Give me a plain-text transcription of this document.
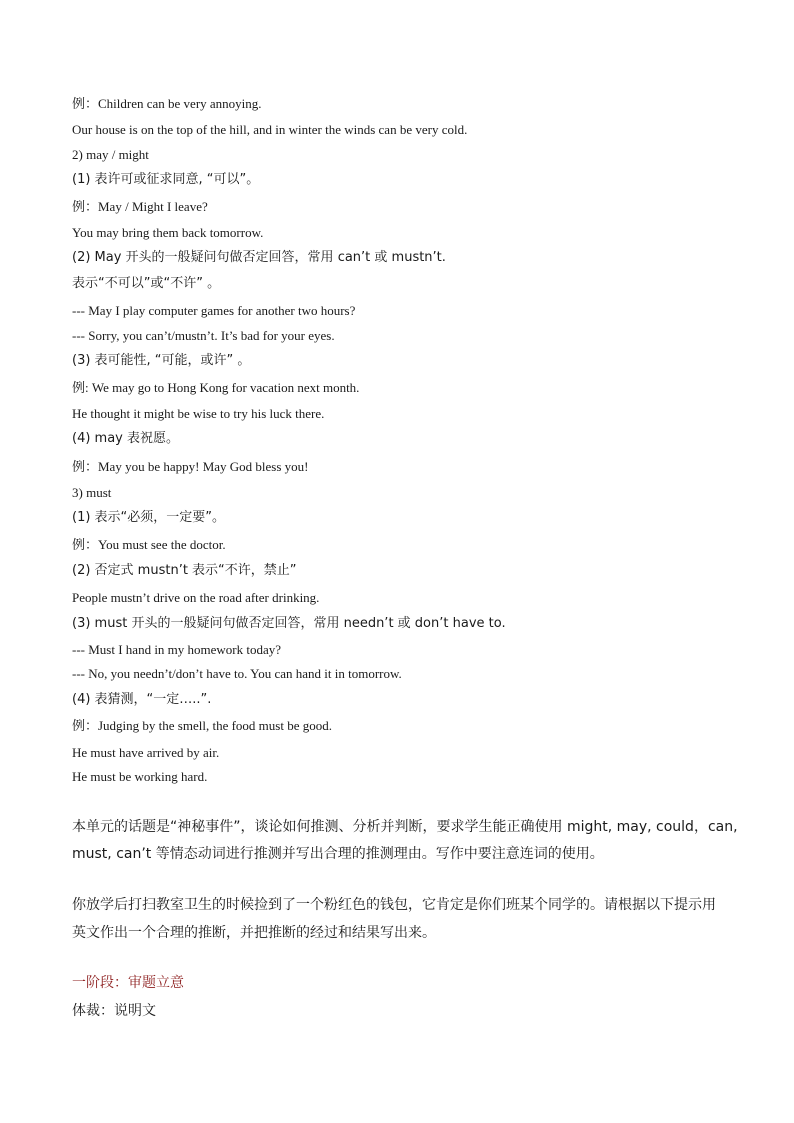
例：Children can be very annoying.
Our house is on the top of the hill, and in winter the winds can be very cold.
2) may / might
(1) 表许可或征求同意, “可以”。
例：May / Might I leave?
You may bring them back tomorrow.
(2) May 开头的一般疑问句做否定回答，常用 can’t 或 mustn’t.
表示“不可以”或“不许” 。
--- May I play computer games for another two hours?
--- Sorry, you can’t/mustn’t. It’s bad for your eyes.
(3) 表可能性, “可能，或许” 。
例: We may go to Hong Kong for vacation next month.
He thought it might be wise to try his luck there.
(4) may 表祝愿。
例：May you be happy! May God bless you!
3) must
(1) 表示“必须，一定要”。
例：You must see the doctor.
(2) 否定式 mustn’t 表示“不许，禁止”
People mustn’t drive on the road after drinking.
(3) must 开头的一般疑问句做否定回答，常用 needn’t 或 don’t have to.
--- Must I hand in my homework today?
--- No, you needn’t/don’t have to. You can hand it in tomorrow.
(4) 表猜测，“一定…..”.
例：Judging by the smell, the food must be good.
He must have arrived by air.
He must be working hard.
本单元的话题是“神秘事件”，谈论如何推测、分析并判断，要求学生能正确使用 might, may, could，can,
must, can’t 等情态动词进行推测并写出合理的推测理由。写作中要注意连词的使用。
你放学后打扫教室卫生的时候捡到了一个粉红色的钱包，它肯定是你们班某个同学的。请根据以下提示用
英文作出一个合理的推断，并把推断的经过和结果写出来。
一阶段：审题立意
体裁：说明文
